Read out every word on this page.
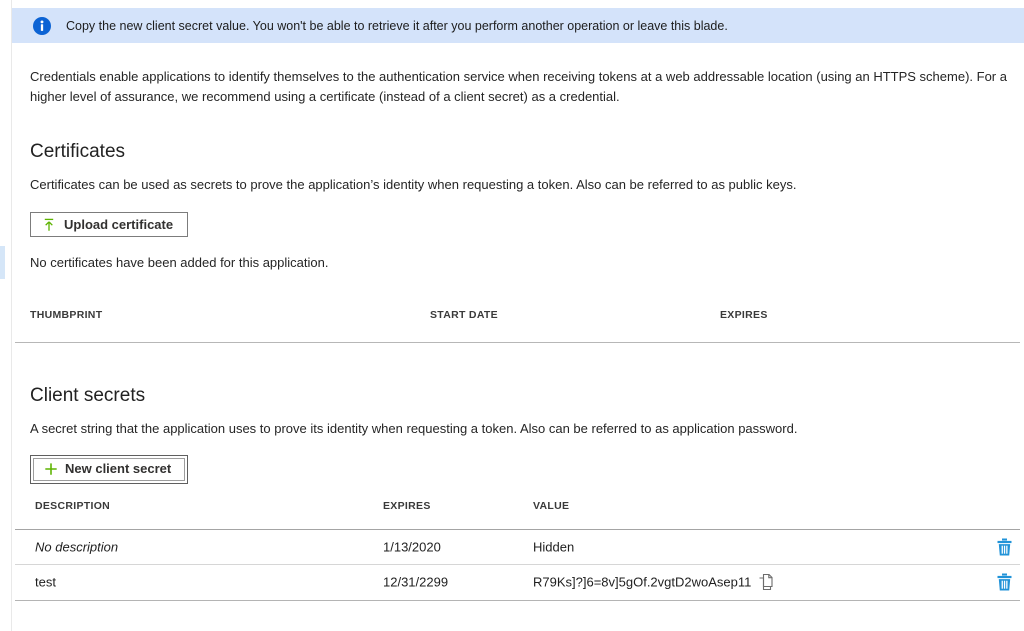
Copy the new client secret value. You won't be able to retrieve it after you perform another operation or leave this blade.
Credentials enable applications to identify themselves to the authentication service when receiving tokens at a web addressable location (using an HTTPS scheme). For a higher level of assurance, we recommend using a certificate (instead of a client secret) as a credential.
Certificates
Certificates can be used as secrets to prove the application’s identity when requesting a token. Also can be referred to as public keys.
Upload certificate
No certificates have been added for this application.
THUMBPRINT	START DATE	EXPIRES
Client secrets
A secret string that the application uses to prove its identity when requesting a token. Also can be referred to as application password.
New client secret
DESCRIPTION	EXPIRES	VALUE
No description	1/13/2020	Hidden
test	12/31/2299	R79Ks]?]6=8v]5gOf.2vgtD2woAsep11
